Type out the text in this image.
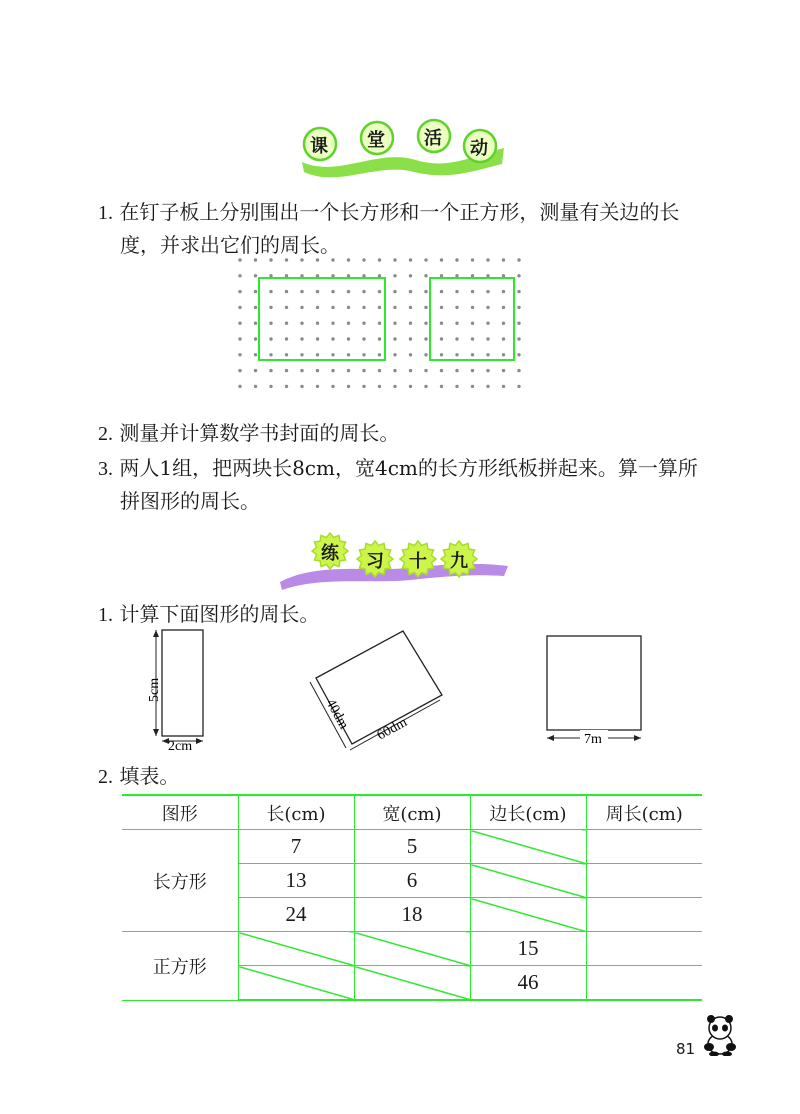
课 堂 活 动
1. 在钉子板上分别围出一个长方形和一个正方形，测量有关边的长
度，并求出它们的周长。
2. 测量并计算数学书封面的周长。
3. 两人1组，把两块长8cm，宽4cm的长方形纸板拼起来。算一算所
拼图形的周长。
练 习 十 九
1. 计算下面图形的周长。
5cm
2cm
40dm 60dm	7m
2. 填表。
图形	长(cm)	宽(cm)	边长(cm)	周长(cm)
长方形	7	5		
	13	6		
	24	18		
正方形			15	
			46	
81
